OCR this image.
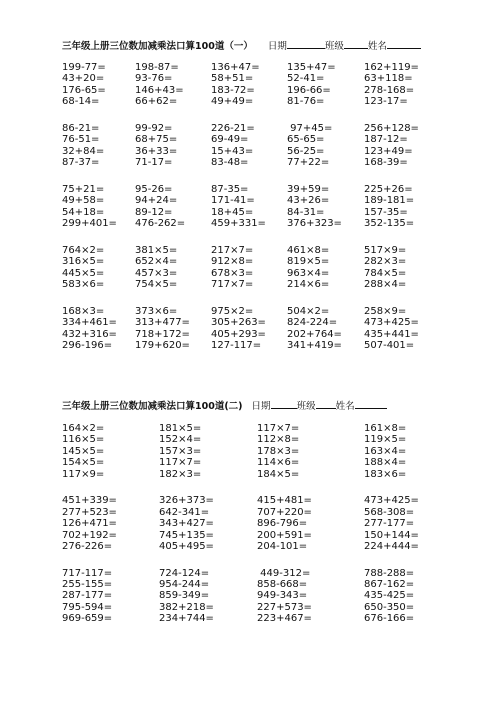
三年级上册三位数加减乘法口算100道（一） 日期	班级	姓名
199-77=	198-87=	136+47=	135+47=	162+119=
43+20=	93-76=	58+51=	52-41=	63+118=
176-65=	146+43=	183-72=	196-66=	278-168=
68-14=	66+62=	49+49=	81-76=	123-17=
86-21=	99-92=	226-21=	97+45=	256+128=
76-51=	68+75=	69-49=	65-65=	187-12=
32+84=	36+33=	15+43=	56-25=	123+49=
87-37=	71-17=	83-48=	77+22=	168-39=
75+21=	95-26=	87-35=	39+59=	225+26=
49+58=	94+24=	171-41=	43+26=	189-181=
54+18=	89-12=	18+45=	84-31=	157-35=
299+401= 476-262=	459+331= 376+323= 352-135=
764×2=	381×5=	217×7=	461×8=	517×9=
316×5=	652×4=	912×8=	819×5=	282×3=
445×5=	457×3=	678×3=	963×4=	784×5=
583×6=	754×5=	717×7=	214×6=	288×4=
168×3=	373×6=	975×2=	504×2=	258×9=
334+461= 313+477= 305+263= 824-224=	473+425=
432+316= 718+172= 405+293= 202+764= 435+441=
296-196= 179+620= 127-117=	341+419= 507-401=
三年级上册三位数加减乘法口算100道(二) 日期	班级 姓名
164×2=	181×5=	117×7=	161×8=
116×5=	152×4=	112×8=	119×5=
145×5=	157×3=	178×3=	163×4=
154×5=	117×7=	114×6=	188×4=
117×9=	182×3=	184×5=	183×6=
451+339=	326+373=	415+481=	473+425=
277+523=	642-341=	707+220=	568-308=
126+471=	343+427=	896-796=	277-177=
702+192=	745+135=	200+591=	150+144=
276-226=	405+495=	204-101=	224+444=
717-117=	724-124=	449-312=	788-288=
255-155=	954-244=	858-668=	867-162=
287-177=	859-349=	949-343=	435-425=
795-594=	382+218=	227+573=	650-350=
969-659=	234+744=	223+467=	676-166=
